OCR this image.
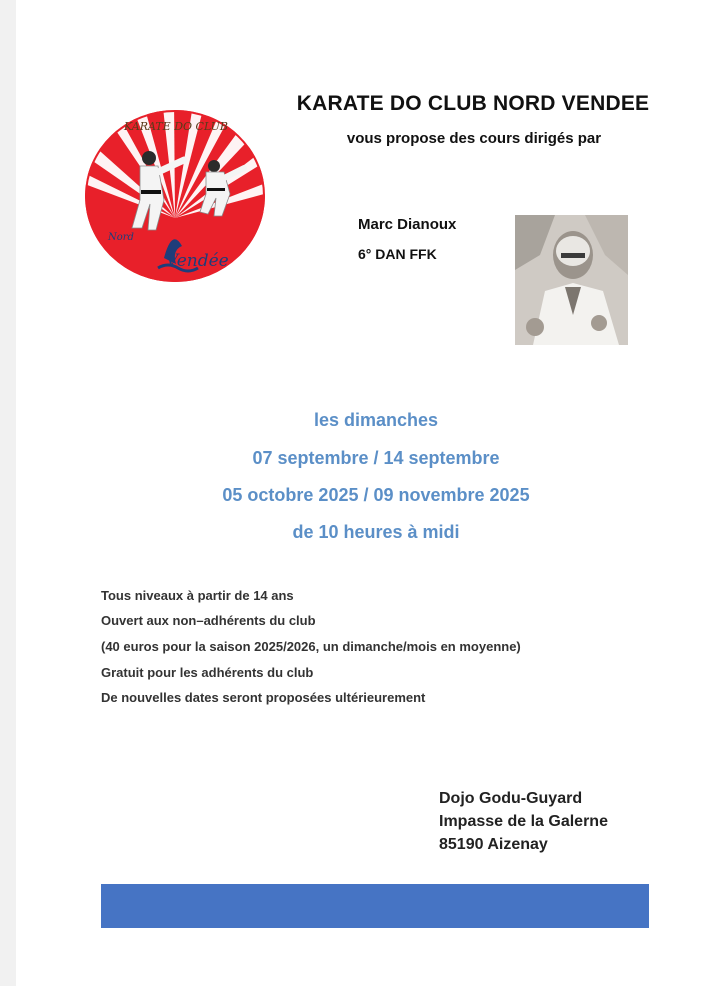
KARATE DO CLUB
Nord
Vendée
KARATE DO CLUB NORD VENDEE
vous propose des cours dirigés par
Marc Dianoux
6° DAN FFK
les dimanches
07 septembre / 14 septembre
05 octobre 2025 / 09 novembre 2025
de 10 heures à midi
Tous niveaux à partir de 14 ans
Ouvert aux non–adhérents du club
(40 euros pour la saison 2025/2026, un dimanche/mois en moyenne)
Gratuit pour les adhérents du club
De nouvelles dates seront proposées ultérieurement
Dojo Godu-Guyard
Impasse de la Galerne
85190 Aizenay
